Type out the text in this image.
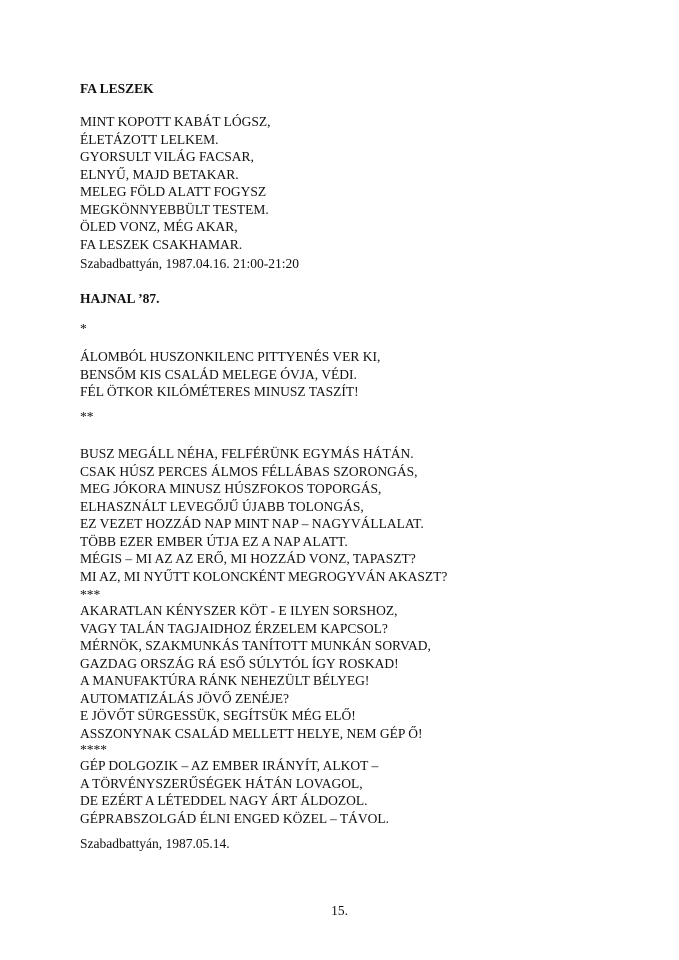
FA LESZEK
MINT KOPOTT KABÁT LÓGSZ,
ÉLETÁZOTT LELKEM.
GYORSULT VILÁG FACSAR,
ELNYŰ, MAJD BETAKAR.
MELEG FÖLD ALATT FOGYSZ
MEGKÖNNYEBBÜLT TESTEM.
ÖLED VONZ, MÉG AKAR,
FA LESZEK CSAKHAMAR.
Szabadbattyán, 1987.04.16. 21:00-21:20
HAJNAL ’87.
*
ÁLOMBÓL HUSZONKILENC PITTYENÉS VER KI,
BENSŐM KIS CSALÁD MELEGE ÓVJA, VÉDI.
FÉL ÖTKOR KILÓMÉTERES MINUSZ TASZÍT!
**
BUSZ MEGÁLL NÉHA, FELFÉRÜNK EGYMÁS HÁTÁN.
CSAK HÚSZ PERCES ÁLMOS FÉLLÁBAS SZORONGÁS,
MEG JÓKORA MINUSZ HÚSZFOKOS TOPORGÁS,
ELHASZNÁLT LEVEGŐJŰ ÚJABB TOLONGÁS,
EZ VEZET HOZZÁD NAP MINT NAP – NAGYVÁLLALAT.
TÖBB EZER EMBER ÚTJA EZ A NAP ALATT.
MÉGIS – MI AZ AZ ERŐ, MI HOZZÁD VONZ, TAPASZT?
MI AZ, MI NYŰTT KOLONCKÉNT MEGROGYVÁN AKASZT?
***
AKARATLAN KÉNYSZER KÖT - E ILYEN SORSHOZ,
VAGY TALÁN TAGJAIDHOZ ÉRZELEM KAPCSOL?
MÉRNÖK, SZAKMUNKÁS TANÍTOTT MUNKÁN SORVAD,
GAZDAG ORSZÁG RÁ ESŐ SÚLYTÓL ÍGY ROSKAD!
A MANUFAKTÚRA RÁNK NEHEZÜLT BÉLYEG!
AUTOMATIZÁLÁS JÖVŐ ZENÉJE?
E JÖVŐT SÜRGESSÜK, SEGÍTSÜK MÉG ELŐ!
ASSZONYNAK CSALÁD MELLETT HELYE, NEM GÉP Ő!
****
GÉP DOLGOZIK – AZ EMBER IRÁNYÍT, ALKOT –
A TÖRVÉNYSZERŰSÉGEK HÁTÁN LOVAGOL,
DE EZÉRT A LÉTEDDEL NAGY ÁRT ÁLDOZOL.
GÉPRABSZOLGÁD ÉLNI ENGED KÖZEL – TÁVOL.
Szabadbattyán, 1987.05.14.
15.
